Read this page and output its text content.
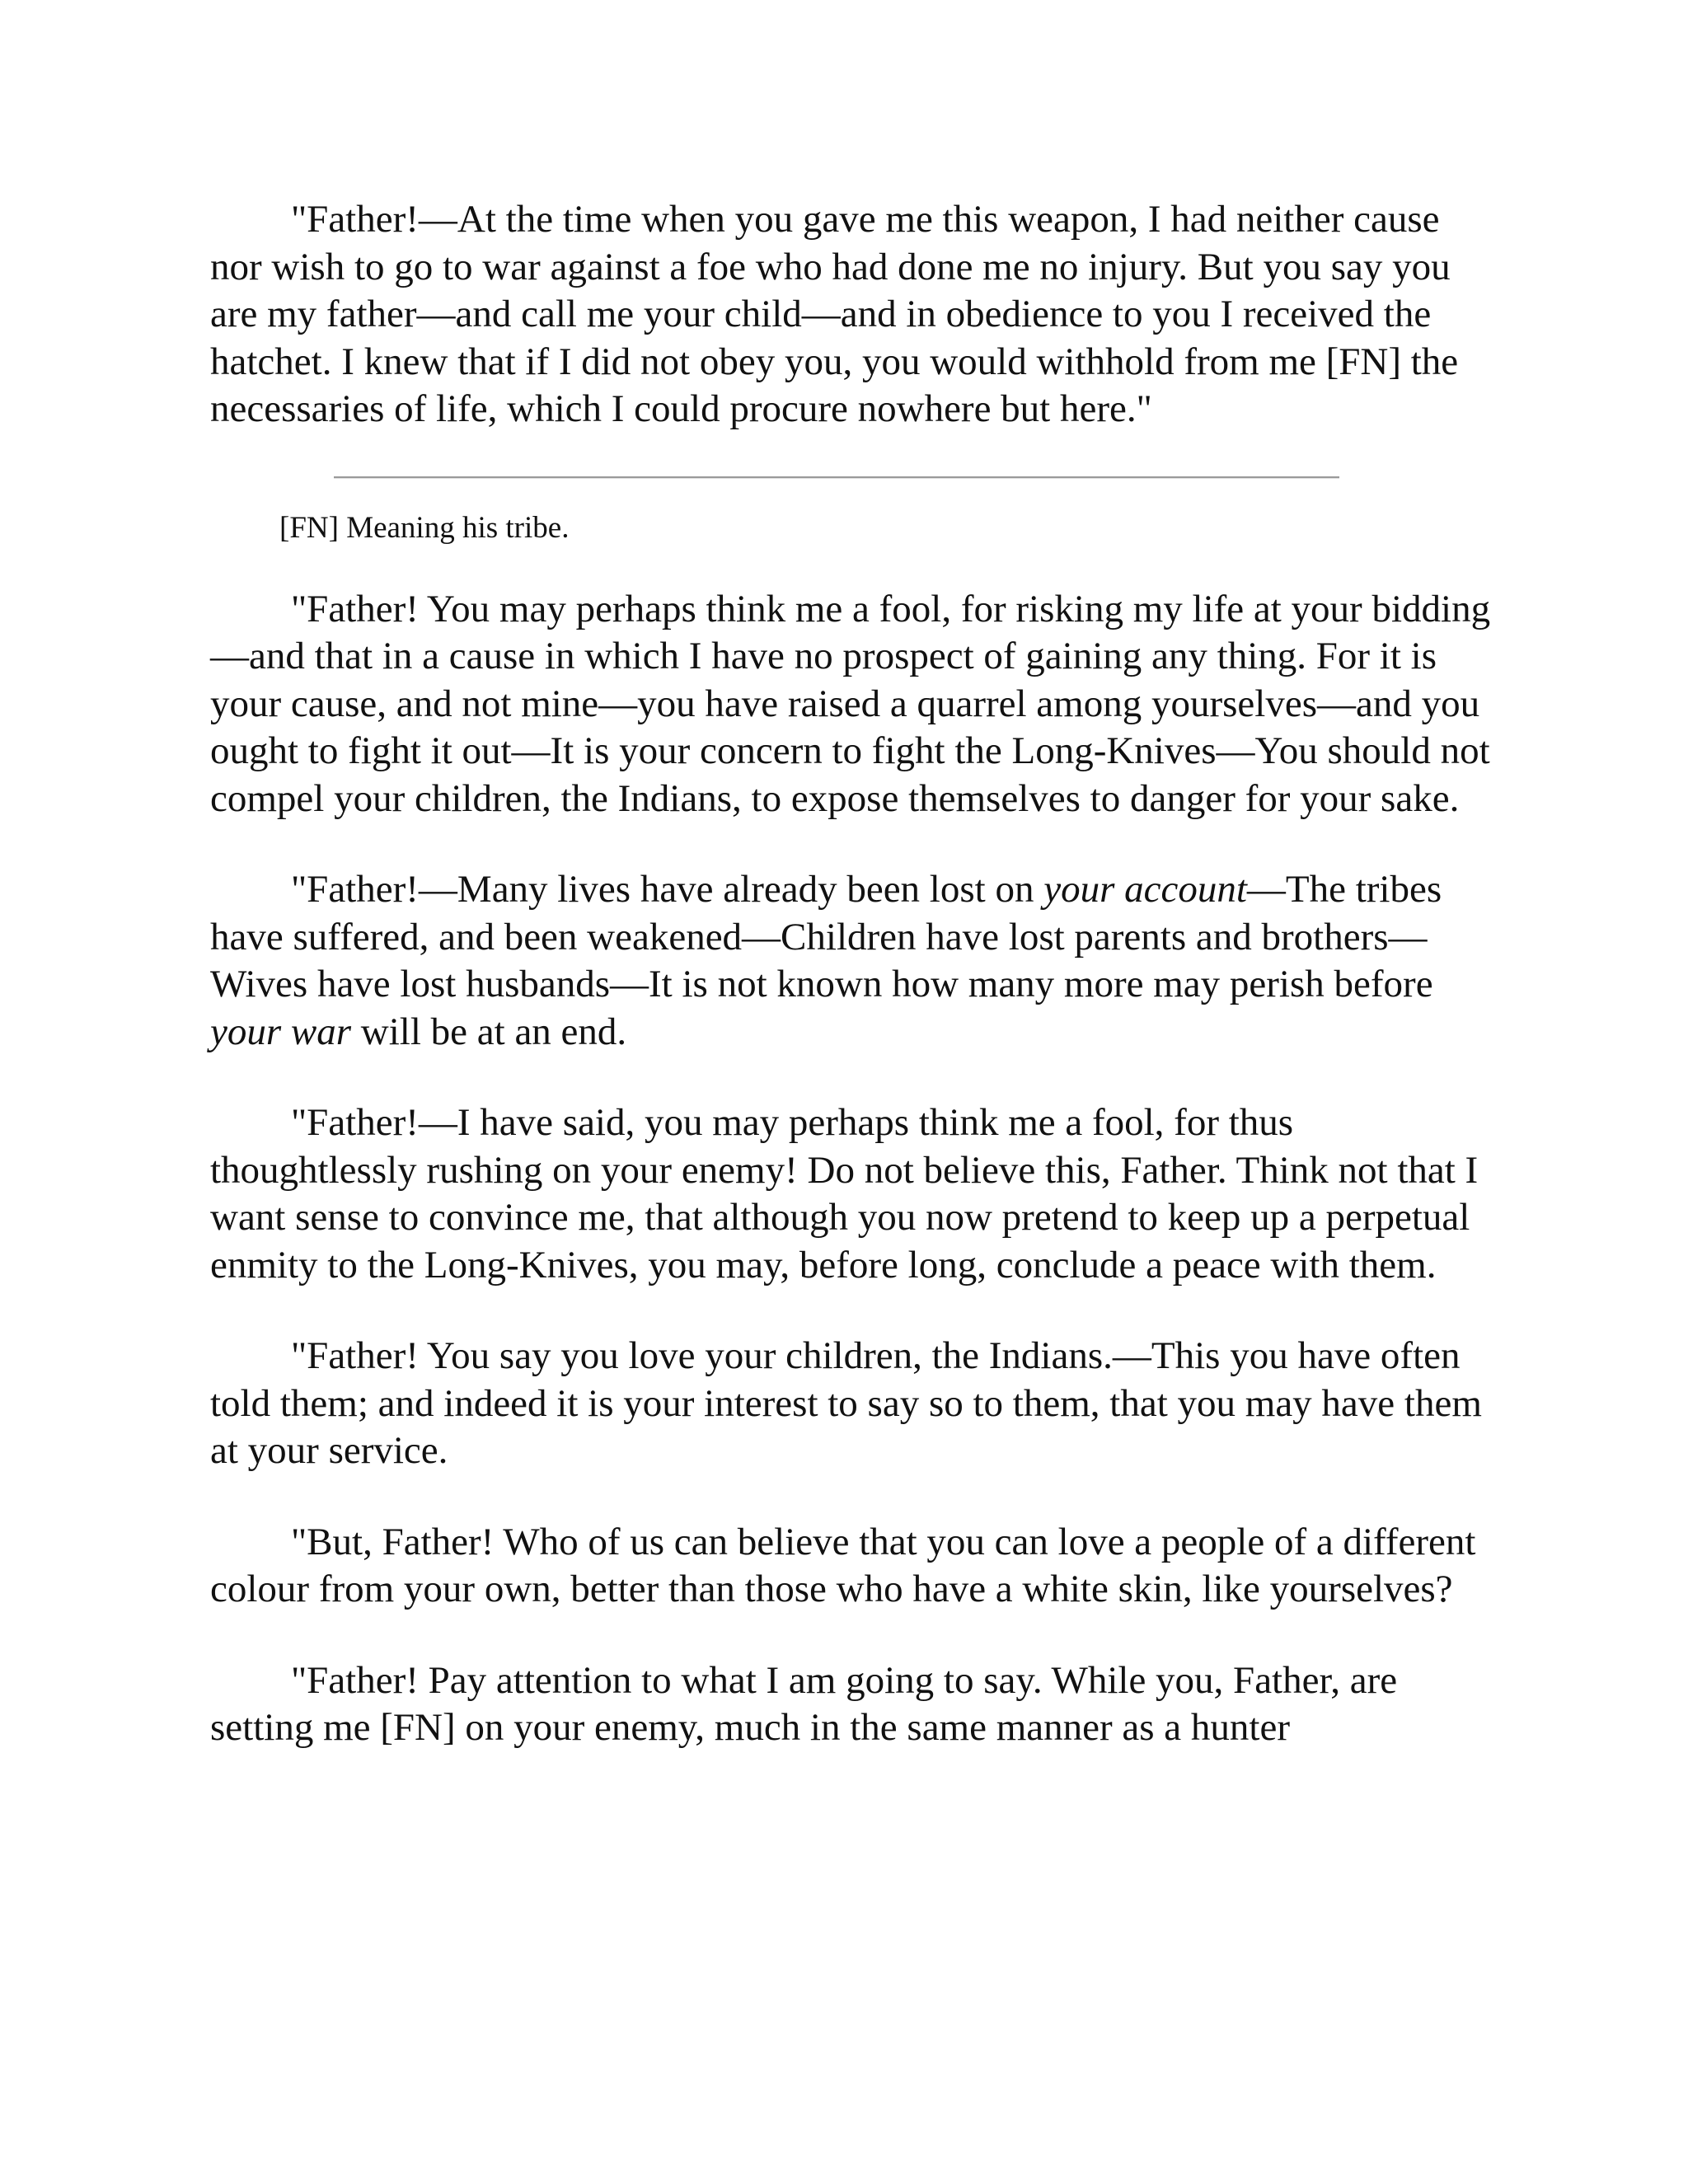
"Father!—At the time when you gave me this weapon, I had neither cause nor wish to go to war against a foe who had done me no injury. But you say you are my father—and call me your child—and in obedience to you I received the hatchet. I knew that if I did not obey you, you would withhold from me [FN] the necessaries of life, which I could procure nowhere but here."

[FN] Meaning his tribe.

"Father! You may perhaps think me a fool, for risking my life at your bidding—and that in a cause in which I have no prospect of gaining any thing. For it is your cause, and not mine—you have raised a quarrel among yourselves—and you ought to fight it out—It is your concern to fight the Long-Knives—You should not compel your children, the Indians, to expose themselves to danger for your sake.

"Father!—Many lives have already been lost on your account—The tribes have suffered, and been weakened—Children have lost parents and brothers—Wives have lost husbands—It is not known how many more may perish before your war will be at an end.

"Father!—I have said, you may perhaps think me a fool, for thus thoughtlessly rushing on your enemy! Do not believe this, Father. Think not that I want sense to convince me, that although you now pretend to keep up a perpetual enmity to the Long-Knives, you may, before long, conclude a peace with them.

"Father! You say you love your children, the Indians.—This you have often told them; and indeed it is your interest to say so to them, that you may have them at your service.

"But, Father! Who of us can believe that you can love a people of a different colour from your own, better than those who have a white skin, like yourselves?

"Father! Pay attention to what I am going to say. While you, Father, are setting me [FN] on your enemy, much in the same manner as a hunter
